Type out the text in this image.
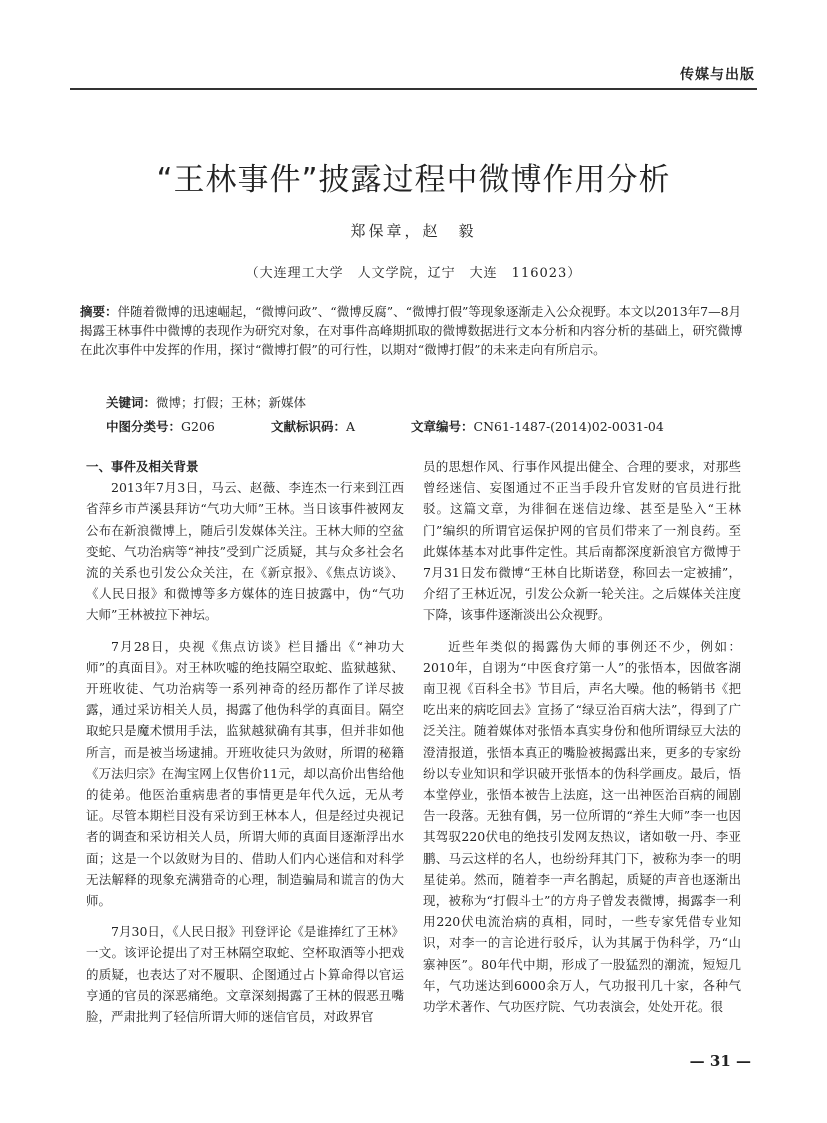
传媒与出版
“王林事件”披露过程中微博作用分析
郑保章，赵　毅
（大连理工大学　人文学院，辽宁　大连　116023）
摘要：伴随着微博的迅速崛起，“微博问政”、“微博反腐”、“微博打假”等现象逐渐走入公众视野。本文以2013年7—8月揭露王林事件中微博的表现作为研究对象，在对事件高峰期抓取的微博数据进行文本分析和内容分析的基础上，研究微博在此次事件中发挥的作用，探讨“微博打假”的可行性，以期对“微博打假”的未来走向有所启示。
关键词：微博；打假；王林；新媒体
中图分类号：G206	文献标识码：A	文章编号：CN61-1487-(2014)02-0031-04

一、事件及相关背景

2013年7月3日，马云、赵薇、李连杰一行来到江西省萍乡市芦溪县拜访“气功大师”王林。当日该事件被网友公布在新浪微博上，随后引发媒体关注。王林大师的空盆变蛇、气功治病等“神技”受到广泛质疑，其与众多社会名流的关系也引发公众关注，在《新京报》、《焦点访谈》、《人民日报》和微博等多方媒体的连日披露中，伪“气功大师”王林被拉下神坛。

7月28日，央视《焦点访谈》栏目播出《“神功大师”的真面目》。对王林吹嘘的绝技隔空取蛇、监狱越狱、开班收徒、气功治病等一系列神奇的经历都作了详尽披露，通过采访相关人员，揭露了他伪科学的真面目。隔空取蛇只是魔术惯用手法，监狱越狱确有其事，但并非如他所言，而是被当场逮捕。开班收徒只为敛财，所谓的秘籍《万法归宗》在淘宝网上仅售价11元，却以高价出售给他的徒弟。他医治重病患者的事情更是年代久远，无从考证。尽管本期栏目没有采访到王林本人，但是经过央视记者的调查和采访相关人员，所谓大师的真面目逐渐浮出水面；这是一个以敛财为目的、借助人们内心迷信和对科学无法解释的现象充满猎奇的心理，制造骗局和谎言的伪大师。

7月30日，《人民日报》刊登评论《是谁捧红了王林》一文。该评论提出了对王林隔空取蛇、空杯取酒等小把戏的质疑，也表达了对不履职、企图通过占卜算命得以官运亨通的官员的深恶痛绝。文章深刻揭露了王林的假恶丑嘴脸，严肃批判了轻信所谓大师的迷信官员，对政界官

员的思想作风、行事作风提出健全、合理的要求，对那些曾经迷信、妄图通过不正当手段升官发财的官员进行批驳。这篇文章，为徘徊在迷信边缘、甚至是坠入“王林门”编织的所谓官运保护网的官员们带来了一剂良药。至此媒体基本对此事件定性。其后南都深度新浪官方微博于7月31日发布微博“王林自比斯诺登，称回去一定被捕”，介绍了王林近况，引发公众新一轮关注。之后媒体关注度下降，该事件逐渐淡出公众视野。

近些年类似的揭露伪大师的事例还不少，例如：2010年，自诩为“中医食疗第一人”的张悟本，因做客湖南卫视《百科全书》节目后，声名大噪。他的畅销书《把吃出来的病吃回去》宣扬了“绿豆治百病大法”，得到了广泛关注。随着媒体对张悟本真实身份和他所谓绿豆大法的澄清报道，张悟本真正的嘴脸被揭露出来，更多的专家纷纷以专业知识和学识破开张悟本的伪科学画皮。最后，悟本堂停业，张悟本被告上法庭，这一出神医治百病的闹剧告一段落。无独有偶，另一位所谓的“养生大师”李一也因其驾驭220伏电的绝技引发网友热议，诸如敬一丹、李亚鹏、马云这样的名人，也纷纷拜其门下，被称为李一的明星徒弟。然而，随着李一声名鹊起，质疑的声音也逐渐出现，被称为“打假斗士”的方舟子曾发表微博，揭露李一利用220伏电流治病的真相，同时，一些专家凭借专业知识，对李一的言论进行驳斥，认为其属于伪科学，乃“山寨神医”。80年代中期，形成了一股猛烈的潮流，短短几年，气功迷达到6000余万人，气功报刊几十家，各种气功学术著作、气功医疗院、气功表演会，处处开花。很

— 31 —
